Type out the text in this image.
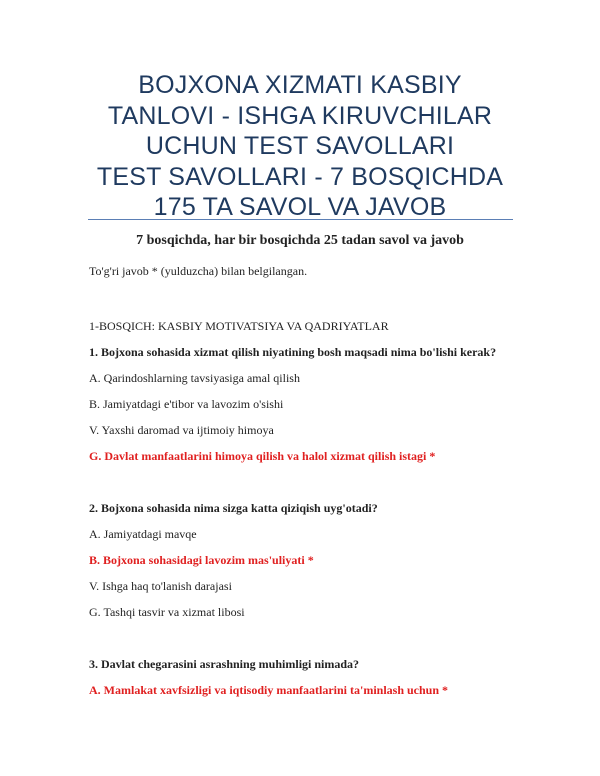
BOJXONA XIZMATI KASBIY
TANLOVI - ISHGA KIRUVCHILAR
UCHUN TEST SAVOLLARI
TEST SAVOLLARI - 7 BOSQICHDA
175 TA SAVOL VA JAVOB
7 bosqichda, har bir bosqichda 25 tadan savol va javob
To'g'ri javob * (yulduzcha) bilan belgilangan.
1-BOSQICH: KASBIY MOTIVATSIYA VA QADRIYATLAR
1. Bojxona sohasida xizmat qilish niyatining bosh maqsadi nima bo'lishi kerak?
A. Qarindoshlarning tavsiyasiga amal qilish
B. Jamiyatdagi e'tibor va lavozim o'sishi
V. Yaxshi daromad va ijtimoiy himoya
G. Davlat manfaatlarini himoya qilish va halol xizmat qilish istagi *
2. Bojxona sohasida nima sizga katta qiziqish uyg'otadi?
A. Jamiyatdagi mavqe
B. Bojxona sohasidagi lavozim mas'uliyati *
V. Ishga haq to'lanish darajasi
G. Tashqi tasvir va xizmat libosi
3. Davlat chegarasini asrashning muhimligi nimada?
A. Mamlakat xavfsizligi va iqtisodiy manfaatlarini ta'minlash uchun *
